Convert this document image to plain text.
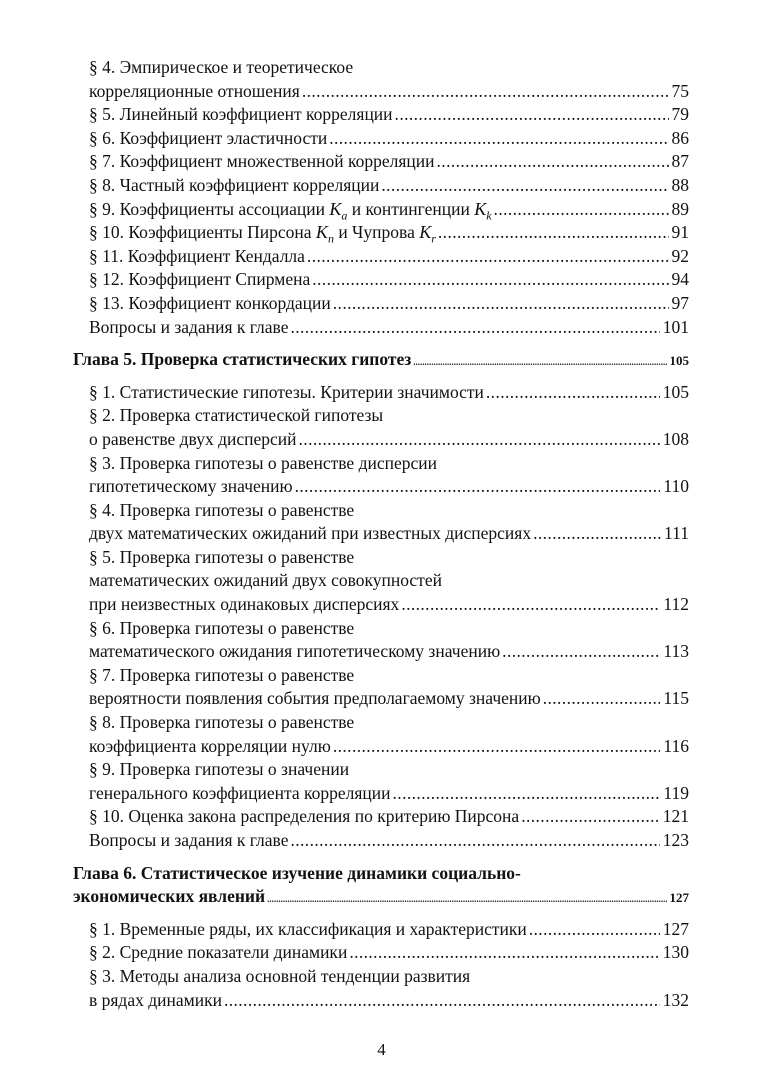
§ 4. Эмпирическое и теоретическое
корреляционные отношения .....	75
§ 5. Линейный коэффициент корреляции .....	79
§ 6. Коэффициент эластичности .....	86
§ 7. Коэффициент множественной корреляции .....	87
§ 8. Частный коэффициент корреляции .....	88
§ 9. Коэффициенты ассоциации $K_a$ и контингенции $K_k$ .....	89
§ 10. Коэффициенты Пирсона $K_n$ и Чупрова $K_r$ .....	91
§ 11. Коэффициент Кендалла .....	92
§ 12. Коэффициент Спирмена .....	94
§ 13. Коэффициент конкордации .....	97
Вопросы и задания к главе .....	101
Глава 5. Проверка статистических гипотез .....	105
§ 1. Статистические гипотезы. Критерии значимости .....	105
§ 2. Проверка статистической гипотезы
о равенстве двух дисперсий .....	108
§ 3. Проверка гипотезы о равенстве дисперсии
гипотетическому значению .....	110
§ 4. Проверка гипотезы о равенстве
двух математических ожиданий при известных дисперсиях .....	111
§ 5. Проверка гипотезы о равенстве
математических ожиданий двух совокупностей
при неизвестных одинаковых дисперсиях .....	112
§ 6. Проверка гипотезы о равенстве
математического ожидания гипотетическому значению .....	113
§ 7. Проверка гипотезы о равенстве
вероятности появления события предполагаемому значению .....	115
§ 8. Проверка гипотезы о равенстве
коэффициента корреляции нулю .....	116
§ 9. Проверка гипотезы о значении
генерального коэффициента корреляции .....	119
§ 10. Оценка закона распределения по критерию Пирсона .....	121
Вопросы и задания к главе .....	123
Глава 6. Статистическое изучение динамики социально-
экономических явлений .....	127
§ 1. Временные ряды, их классификация и характеристики .....	127
§ 2. Средние показатели динамики .....	130
§ 3. Методы анализа основной тенденции развития
в рядах динамики .....	132
4
